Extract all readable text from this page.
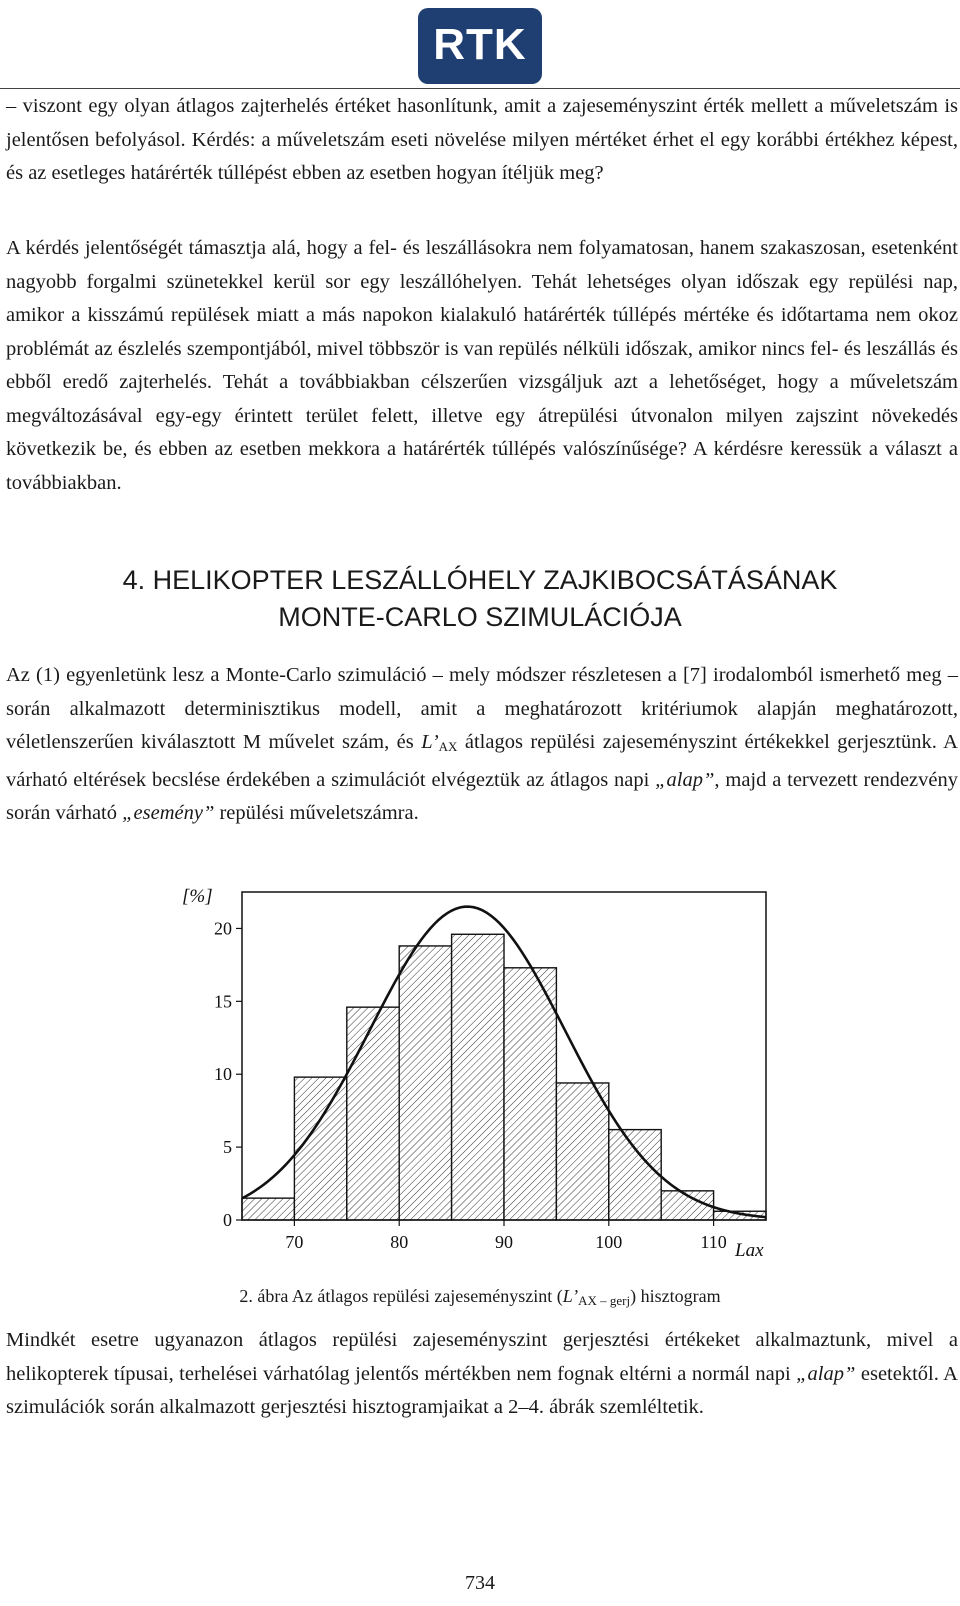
RTK

– viszont egy olyan átlagos zajterhelés értéket hasonlítunk, amit a zajeseményszint érték mellett a műveletszám is jelentősen befolyásol. Kérdés: a műveletszám eseti növelése milyen mértéket érhet el egy korábbi értékhez képest, és az esetleges határérték túllépést ebben az esetben hogyan ítéljük meg?

A kérdés jelentőségét támasztja alá, hogy a fel- és leszállásokra nem folyamatosan, hanem szakaszosan, esetenként nagyobb forgalmi szünetekkel kerül sor egy leszállóhelyen. Tehát lehetséges olyan időszak egy repülési nap, amikor a kisszámú repülések miatt a más napokon kialakuló határérték túllépés mértéke és időtartama nem okoz problémát az észlelés szempontjából, mivel többször is van repülés nélküli időszak, amikor nincs fel- és leszállás és ebből eredő zajterhelés. Tehát a továbbiakban célszerűen vizsgáljuk azt a lehetőséget, hogy a műveletszám megváltozásával egy-egy érintett terület felett, illetve egy átrepülési útvonalon milyen zajszint növekedés következik be, és ebben az esetben mekkora a határérték túllépés valószínűsége? A kérdésre keressük a választ a továbbiakban.

4. HELIKOPTER LESZÁLLÓHELY ZAJKIBOCSÁTÁSÁNAK
MONTE-CARLO SZIMULÁCIÓJA

Az (1) egyenletünk lesz a Monte-Carlo szimuláció – mely módszer részletesen a [7] irodalomból ismerhető meg – során alkalmazott determinisztikus modell, amit a meghatározott kritériumok alapján meghatározott, véletlenszerűen kiválasztott M művelet szám, és $L’_{AX}$ átlagos repülési zajeseményszint értékekkel gerjesztünk. A várható eltérések becslése érdekében a szimulációt elvégeztük az átlagos napi „alap”, majd a tervezett rendezvény során várható „esemény” repülési műveletszámra.

0
5
10
15
20
70	80	90	100	110
[%]
Lax
2. ábra Az átlagos repülési zajeseményszint $(L’_{AX - gerj})$ hisztogram

Mindkét esetre ugyanazon átlagos repülési zajeseményszint gerjesztési értékeket alkalmaztunk, mivel a helikopterek típusai, terhelései várhatólag jelentős mértékben nem fognak eltérni a normál napi „alap” esetektől. A szimulációk során alkalmazott gerjesztési hisztogramjaikat a 2–4. ábrák szemléltetik.

734
